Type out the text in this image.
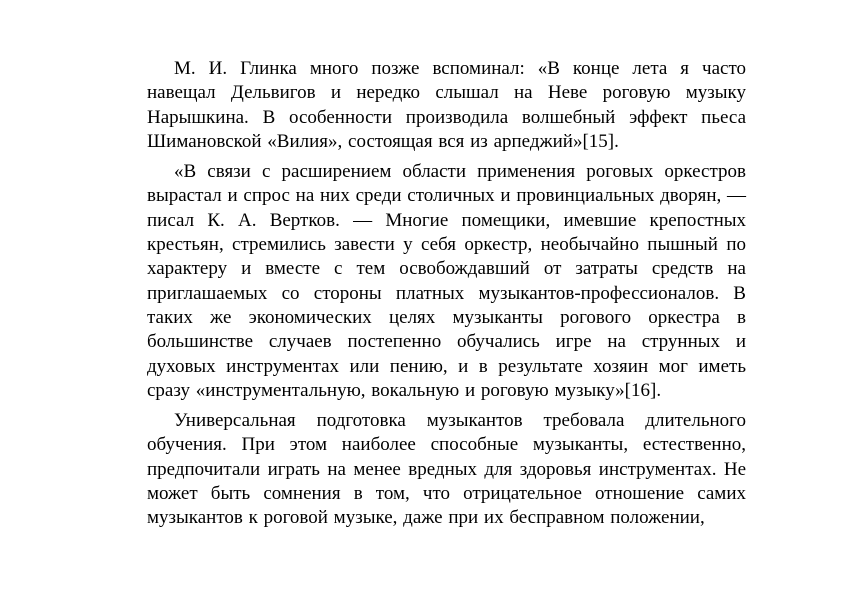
М. И. Глинка много позже вспоминал: «В конце лета я часто навещал Дельвигов и нередко слышал на Неве роговую музыку Нарышкина. В особенности производила волшебный эффект пьеса Шимановской «Вилия», состоящая вся из арпеджий»[15].

«В связи с расширением области применения роговых оркестров вырастал и спрос на них среди столичных и провинциальных дворян, — писал К. А. Вертков. — Многие помещики, имевшие крепостных крестьян, стремились завести у себя оркестр, необычайно пышный по характеру и вместе с тем освобождавший от затраты средств на приглашаемых со стороны платных музыкантов-профессионалов. В таких же экономических целях музыканты рогового оркестра в большинстве случаев постепенно обучались игре на струнных и духовых инструментах или пению, и в результате хозяин мог иметь сразу «инструментальную, вокальную и роговую музыку»[16].

Универсальная подготовка музыкантов требовала длительного обучения. При этом наиболее способные музыканты, естественно, предпочитали играть на менее вредных для здоровья инструментах. Не может быть сомнения в том, что отрицательное отношение самих музыкантов к роговой музыке, даже при их бесправном положении,
